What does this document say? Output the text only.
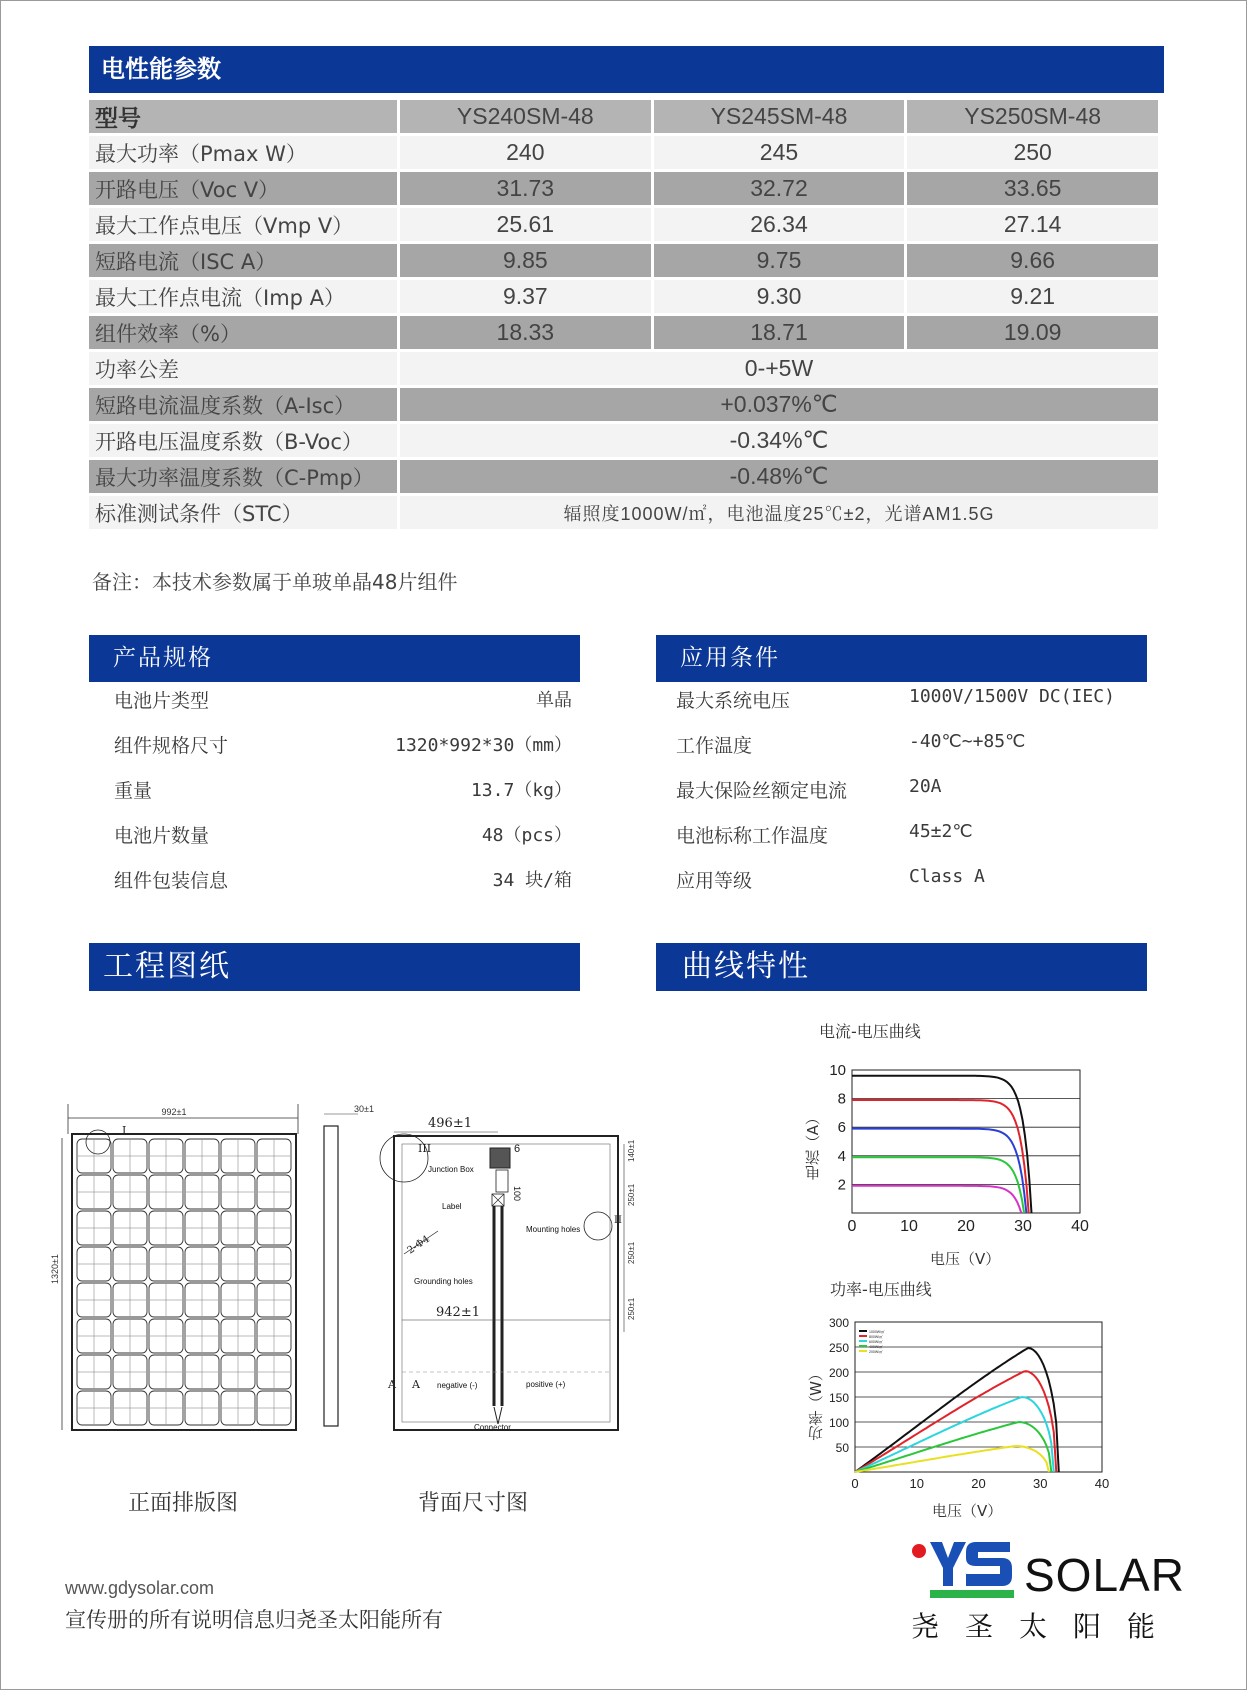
电性能参数
型号	YS240SM-48	YS245SM-48	YS250SM-48
最大功率（Pmax W）	240	245	250
开路电压（Voc V）	31.73	32.72	33.65
最大工作点电压（Vmp V）	25.61	26.34	27.14
短路电流（ISC A）	9.85	9.75	9.66
最大工作点电流（Imp A）	9.37	9.30	9.21
组件效率（%）	18.33	18.71	19.09
功率公差	0-+5W		
短路电流温度系数（A-Isc）	+0.037%℃		
开路电压温度系数（B-Voc）	-0.34%℃		
最大功率温度系数（C-Pmp）	-0.48%℃		
标准测试条件（STC）	辐照度1000W/㎡，电池温度25℃±2，光谱AM1.5G		
备注：本技术参数属于单玻单晶48片组件
产品规格	应用条件
电池片类型	单晶
组件规格尺寸	1320*992*30（mm）
重量	13.7（kg）
电池片数量	48（pcs）
组件包装信息	34 块/箱
最大系统电压	1000V/1500V DC(IEC)
工作温度	-40℃~+85℃
最大保险丝额定电流	20A
电池标称工作温度	45±2℃
应用等级	Class A
工程图纸	曲线特性
992±1
1320±1
I
30±1
496±1
III	6
100
Junction Box
Label
Connector
negative (-)	positive (+)
II
Mounting holes
2-Φ4
Grounding holes
942±1
A A
140±1
250±1
250±1
250±1
正面排版图	背面尺寸图
电流-电压曲线
2
4
6
8
10
0	10 20 30 40
电流（A）
电压（V）
功率-电压曲线
50
100
150
200
250
300
0	10	20	30	40
1000W/㎡
800W/㎡
600W/㎡
400W/㎡
200W/㎡
功率（W）
电压（V）
www.gdysolar.com
宣传册的所有说明信息归尧圣太阳能所有
YS SOLAR
尧圣太阳能
